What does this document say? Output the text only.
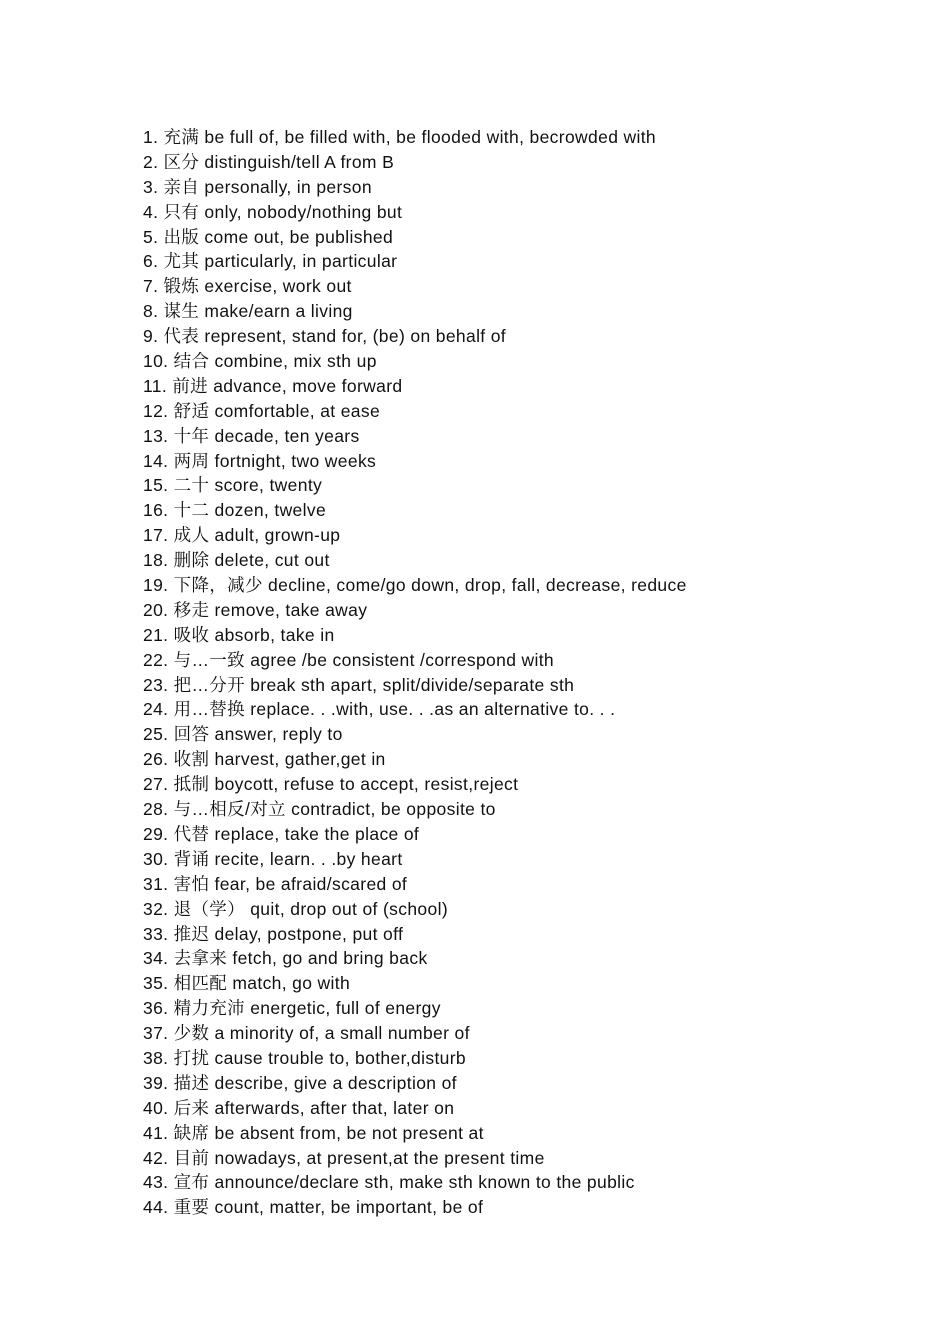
1. 充满 be full of, be filled with, be flooded with, becrowded with
2. 区分 distinguish/tell A from B
3. 亲自 personally, in person
4. 只有 only, nobody/nothing but
5. 出版 come out, be published
6. 尤其 particularly, in particular
7. 锻炼 exercise, work out
8. 谋生 make/earn a living
9. 代表 represent, stand for, (be) on behalf of
10. 结合 combine, mix sth up
11. 前进 advance, move forward
12. 舒适 comfortable, at ease
13. 十年 decade, ten years
14. 两周 fortnight, two weeks
15. 二十 score, twenty
16. 十二 dozen, twelve
17. 成人 adult, grown-up
18. 删除 delete, cut out
19. 下降，减少 decline, come/go down, drop, fall, decrease, reduce
20. 移走 remove, take away
21. 吸收 absorb, take in
22. 与…一致 agree /be consistent /correspond with
23. 把…分开 break sth apart, split/divide/separate sth
24. 用…替换 replace. . .with, use. . .as an alternative to. . .
25. 回答 answer, reply to
26. 收割 harvest, gather,get in
27. 抵制 boycott, refuse to accept, resist,reject
28. 与…相反/对立 contradict, be opposite to
29. 代替 replace, take the place of
30. 背诵 recite, learn. . .by heart
31. 害怕 fear, be afraid/scared of
32. 退（学） quit, drop out of (school)
33. 推迟 delay, postpone, put off
34. 去拿来 fetch, go and bring back
35. 相匹配 match, go with
36. 精力充沛 energetic, full of energy
37. 少数 a minority of, a small number of
38. 打扰 cause trouble to, bother,disturb
39. 描述 describe, give a description of
40. 后来 afterwards, after that, later on
41. 缺席 be absent from, be not present at
42. 目前 nowadays, at present,at the present time
43. 宣布 announce/declare sth, make sth known to the public
44. 重要 count, matter, be important, be of
